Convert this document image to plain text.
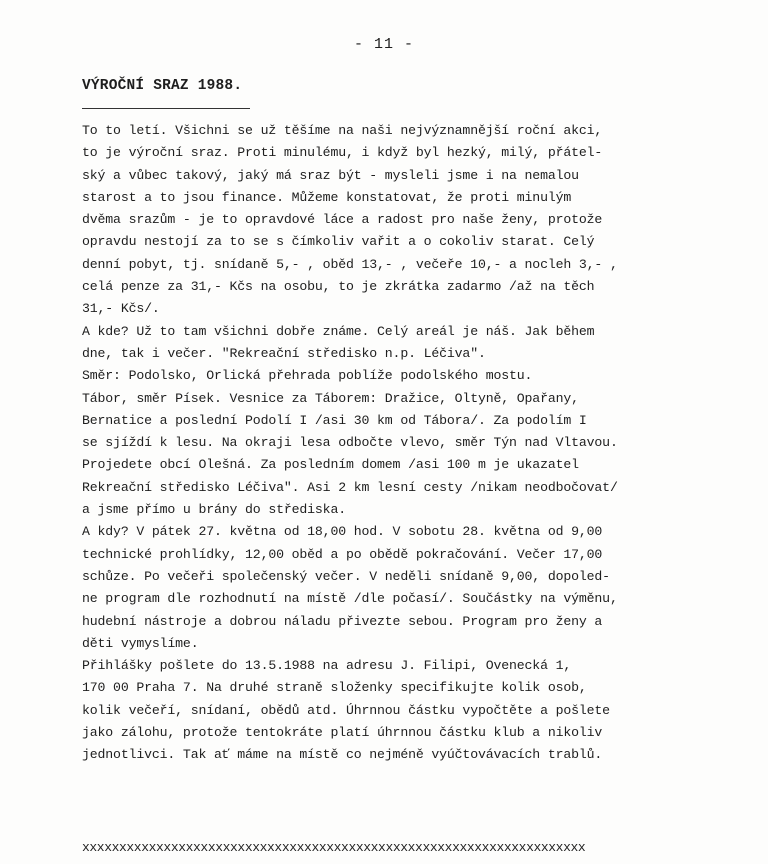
- 11 -
VÝROČNÍ SRAZ 1988.
To to letí. Všichni se už těšíme na naši nejvýznamnější roční akci,
to je výroční sraz. Proti minulému, i když byl hezký, milý, přátel-
ský a vůbec takový, jaký má sraz být - mysleli jsme i na nemalou
starost a to jsou finance. Můžeme konstatovat, že proti minulým
dvěma srazům - je to opravdové láce a radost pro naše ženy, protože
opravdu nestojí za to se s čímkoliv vařit a o cokoliv starat. Celý
denní pobyt, tj. snídaně 5,- , oběd 13,- , večeře 10,- a nocleh 3,- ,
celá penze za 31,- Kčs na osobu, to je zkrátka zadarmo /až na těch
31,- Kčs/.
A kde? Už to tam všichni dobře známe. Celý areál je náš. Jak během
dne, tak i večer. "Rekreační středisko n.p. Léčiva".
Směr: Podolsko, Orlická přehrada poblíže podolského mostu.
Tábor, směr Písek. Vesnice za Táborem: Dražice, Oltyně, Opařany,
Bernatice a poslední Podolí I /asi 30 km od Tábora/. Za podolím I
se sjíždí k lesu. Na okraji lesa odbočte vlevo, směr Týn nad Vltavou.
Projedete obcí Olešná. Za posledním domem /asi 100 m je ukazatel
Rekreační středisko Léčiva". Asi 2 km lesní cesty /nikam neodbočovat/
a jsme přímo u brány do střediska.
A kdy? V pátek 27. května od 18,00 hod. V sobotu 28. května od 9,00
technické prohlídky, 12,00 oběd a po obědě pokračování. Večer 17,00
schůze. Po večeři společenský večer. V neděli snídaně 9,00, dopoled-
ne program dle rozhodnutí na místě /dle počasí/. Součástky na výměnu,
hudební nástroje a dobrou náladu přivezte sebou. Program pro ženy a
děti vymyslíme.
Přihlášky pošlete do 13.5.1988 na adresu J. Filipi, Ovenecká 1,
170 00 Praha 7. Na druhé straně složenky specifikujte kolik osob,
kolik večeří, snídaní, obědů atd. Úhrnnou částku vypočtěte a pošlete
jako zálohu, protože tentokráte platí úhrnnou částku klub a nikoliv
jednotlivci. Tak ať máme na místě co nejméně vyúčtovávacích trablů.
xxxxxxxxxxxxxxxxxxxxxxxxxxxxxxxxxxxxxxxxxxxxxxxxxxxxxxxxxxxxxxxxxxxx
